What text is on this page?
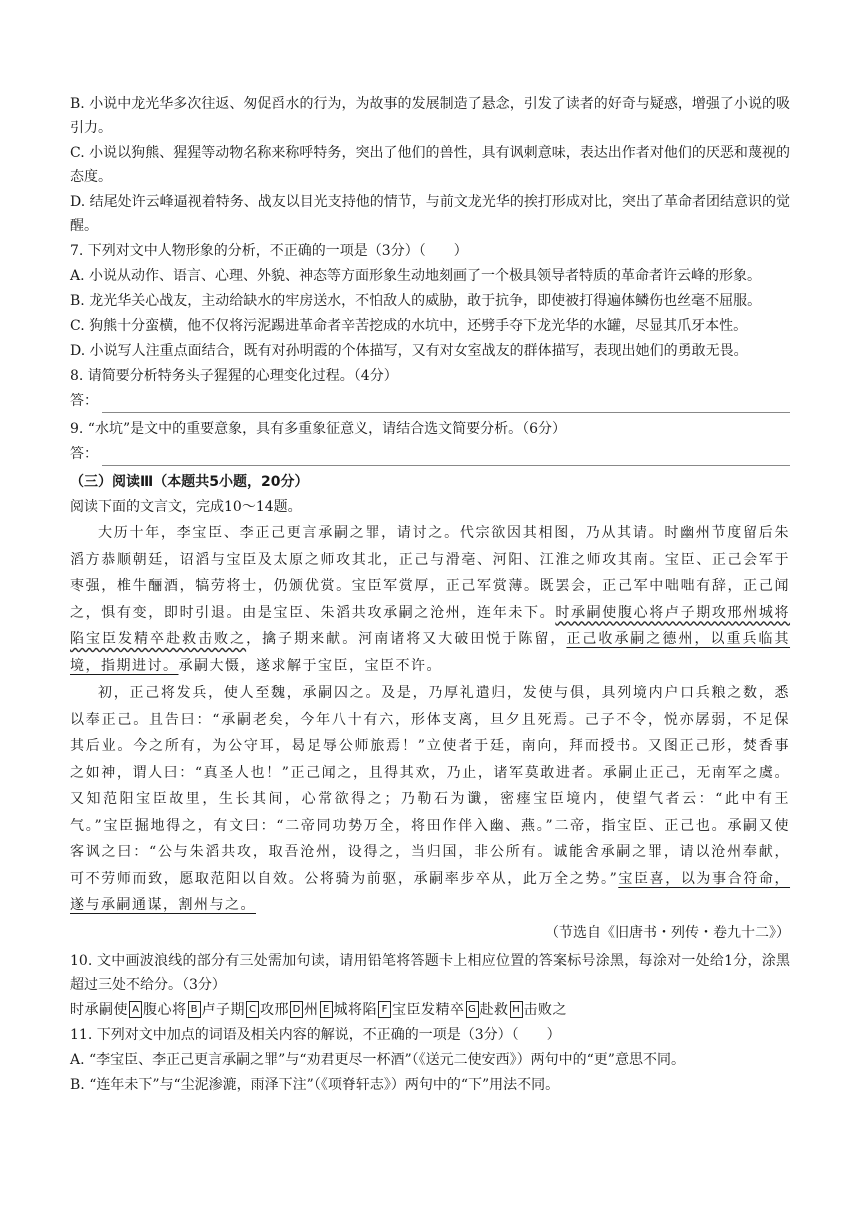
B. 小说中龙光华多次往返、匆促舀水的行为，为故事的发展制造了悬念，引发了读者的好奇与疑惑，增强了小说的吸引力。

C. 小说以狗熊、猩猩等动物名称来称呼特务，突出了他们的兽性，具有讽刺意味，表达出作者对他们的厌恶和蔑视的态度。

D. 结尾处许云峰逼视着特务、战友以目光支持他的情节，与前文龙光华的挨打形成对比，突出了革命者团结意识的觉醒。

7. 下列对文中人物形象的分析，不正确的一项是（3分）（　　）

A. 小说从动作、语言、心理、外貌、神态等方面形象生动地刻画了一个极具领导者特质的革命者许云峰的形象。

B. 龙光华关心战友，主动给缺水的牢房送水，不怕敌人的威胁，敢于抗争，即使被打得遍体鳞伤也丝毫不屈服。

C. 狗熊十分蛮横，他不仅将污泥踢进革命者辛苦挖成的水坑中，还劈手夺下龙光华的水罐，尽显其爪牙本性。

D. 小说写人注重点面结合，既有对孙明霞的个体描写，又有对女室战友的群体描写，表现出她们的勇敢无畏。

8. 请简要分析特务头子猩猩的心理变化过程。（4分）

答：

9. “水坑”是文中的重要意象，具有多重象征意义，请结合选文简要分析。（6分）

答：

（三）阅读Ⅲ（本题共5小题，20分）

阅读下面的文言文，完成10～14题。

大历十年，李宝臣、李正己更言承嗣之罪，请讨之。代宗欲因其相图，乃从其请。时幽州节度留后朱滔方恭顺朝廷，诏滔与宝臣及太原之师攻其北，正己与滑亳、河阳、江淮之师攻其南。宝臣、正己会军于枣强，椎牛酾酒，犒劳将士，仍颁优赏。宝臣军赏厚，正己军赏薄。既罢会，正己军中咄咄有辞，正己闻之，惧有变，即时引退。由是宝臣、朱滔共攻承嗣之沧州，连年未下。时承嗣使腹心将卢子期攻邢州城将陷宝臣发精卒赴救击败之，擒子期来献。河南诸将又大破田悦于陈留，正己收承嗣之德州，以重兵临其境，指期进讨。承嗣大慑，遂求解于宝臣，宝臣不许。

初，正己将发兵，使人至魏，承嗣囚之。及是，乃厚礼遣归，发使与俱，具列境内户口兵粮之数，悉以奉正己。且告曰：“承嗣老矣，今年八十有六，形体支离，旦夕且死焉。己子不令，悦亦孱弱，不足保其后业。今之所有，为公守耳，曷足辱公师旅焉！”立使者于廷，南向，拜而授书。又图正己形，焚香事之如神，谓人曰：“真圣人也！”正己闻之，且得其欢，乃止，诸军莫敢进者。承嗣止正己，无南军之虞。又知范阳宝臣故里，生长其间，心常欲得之；乃勒石为谶，密瘗宝臣境内，使望气者云：“此中有王气。”宝臣掘地得之，有文曰：“二帝同功势万全，将田作伴入幽、燕。”二帝，指宝臣、正己也。承嗣又使客讽之曰：“公与朱滔共攻，取吾沧州，设得之，当归国，非公所有。诚能舍承嗣之罪，请以沧州奉献，可不劳师而致，愿取范阳以自效。公将骑为前驱，承嗣率步卒从，此万全之势。”宝臣喜，以为事合符命，遂与承嗣通谋，割州与之。

（节选自《旧唐书・列传・卷九十二》）

10. 文中画波浪线的部分有三处需加句读，请用铅笔将答题卡上相应位置的答案标号涂黑，每涂对一处给1分，涂黑超过三处不给分。（3分）

时承嗣使 A 腹心将 B 卢子期 C 攻邢 D 州 E 城将陷 F 宝臣发精卒 G 赴救 H 击败之

11. 下列对文中加点的词语及相关内容的解说，不正确的一项是（3分）（　　）

A. “李宝臣、李正己更言承嗣之罪”与“劝君更尽一杯酒”（《送元二使安西》）两句中的“更”意思不同。

B. “连年未下”与“尘泥渗漉，雨泽下注”（《项脊轩志》）两句中的“下”用法不同。
